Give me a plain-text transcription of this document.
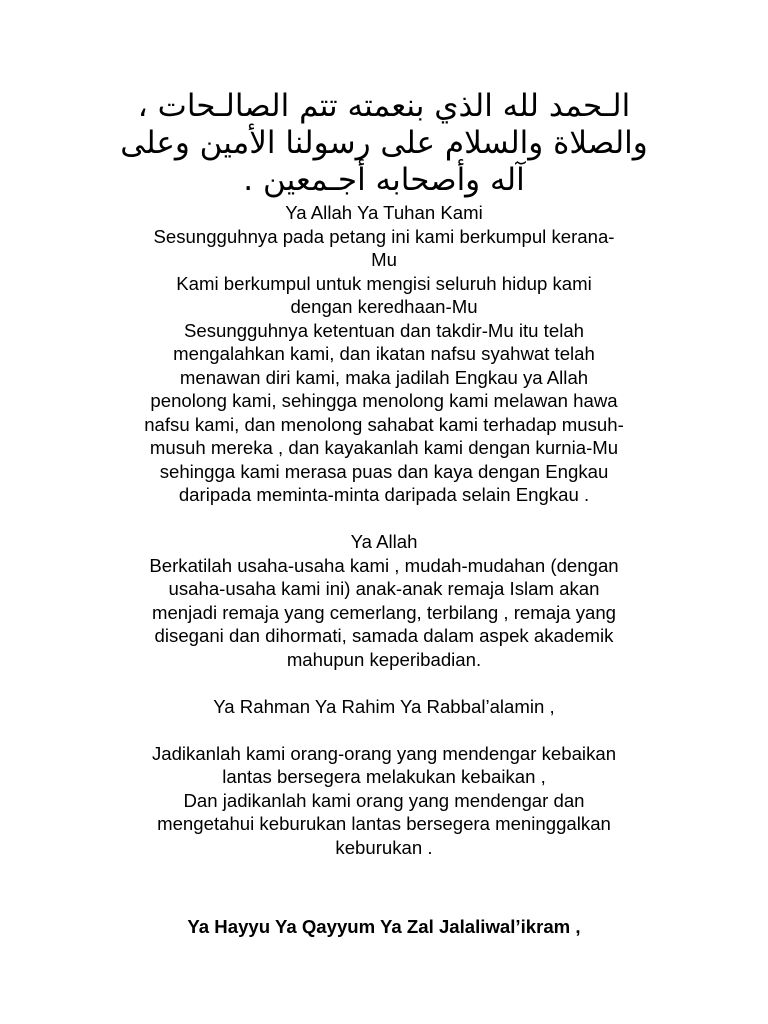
الـحمد لله الذي بنعمته تتم الصالـحات ،
والصلاة والسلام على رسولنا الأمين وعلى
آله وأصحابه أجـمعين .
Ya Allah Ya Tuhan Kami
Sesungguhnya pada petang ini kami berkumpul kerana-
Mu
Kami berkumpul untuk mengisi seluruh hidup kami
dengan keredhaan-Mu
Sesungguhnya ketentuan dan takdir-Mu itu telah
mengalahkan kami, dan ikatan nafsu syahwat telah
menawan diri kami, maka jadilah Engkau ya Allah
penolong kami, sehingga menolong kami melawan hawa
nafsu kami, dan menolong sahabat kami terhadap musuh-
musuh mereka , dan kayakanlah kami dengan kurnia-Mu
sehingga kami merasa puas dan kaya dengan Engkau
daripada meminta-minta daripada selain Engkau .
Ya Allah
Berkatilah usaha-usaha kami , mudah-mudahan (dengan
usaha-usaha kami ini) anak-anak remaja Islam akan
menjadi remaja yang cemerlang, terbilang , remaja yang
disegani dan dihormati, samada dalam aspek akademik
mahupun keperibadian.
Ya Rahman Ya Rahim Ya Rabbal’alamin ,
Jadikanlah kami orang-orang yang mendengar kebaikan
lantas bersegera melakukan kebaikan ,
Dan jadikanlah kami orang yang mendengar dan
mengetahui keburukan lantas bersegera meninggalkan
keburukan .
Ya Hayyu Ya Qayyum Ya Zal Jalaliwal’ikram ,
